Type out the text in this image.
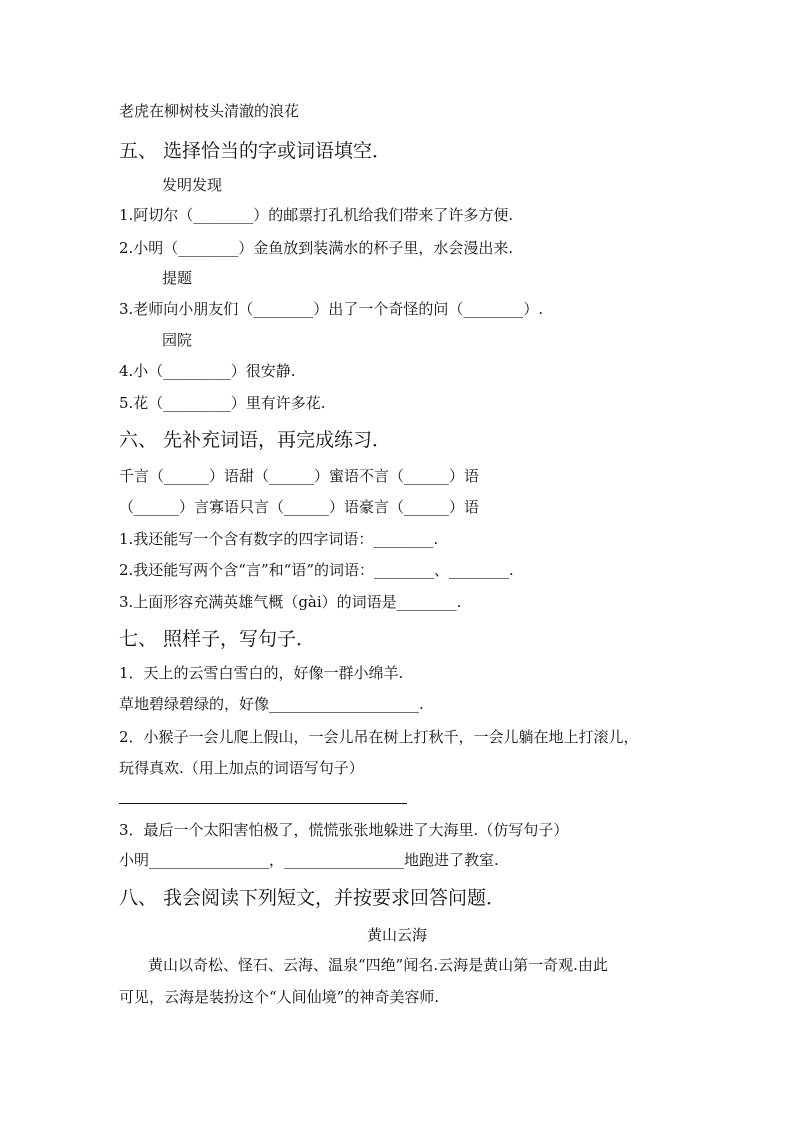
老虎在柳树枝头清澈的浪花
五、 选择恰当的字或词语填空．
发明发现
1.阿切尔（________）的邮票打孔机给我们带来了许多方便.
2.小明（________）金鱼放到装满水的杯子里，水会漫出来.
提题
3.老师向小朋友们（________）出了一个奇怪的问（________）.
园院
4.小（_________）很安静.
5.花（_________）里有许多花.
六、 先补充词语，再完成练习．
千言（______）语甜（______）蜜语不言（______）语
（______）言寡语只言（______）语豪言（______）语
1.我还能写一个含有数字的四字词语：________.
2.我还能写两个含“言”和“语”的词语：________、________.
3.上面形容充满英雄气概（gài）的词语是________.
七、 照样子，写句子．
1．天上的云雪白雪白的，好像一群小绵羊.
草地碧绿碧绿的，好像____________________.
2．小猴子一会儿爬上假山，一会儿吊在树上打秋千，一会儿躺在地上打滚儿，
玩得真欢.（用上加点的词语写句子）
3．最后一个太阳害怕极了，慌慌张张地躲进了大海里.（仿写句子）
小明________________，________________地跑进了教室.
八、 我会阅读下列短文，并按要求回答问题．
黄山云海
黄山以奇松、怪石、云海、温泉“四绝”闻名.云海是黄山第一奇观.由此
可见，云海是装扮这个“人间仙境”的神奇美容师.
